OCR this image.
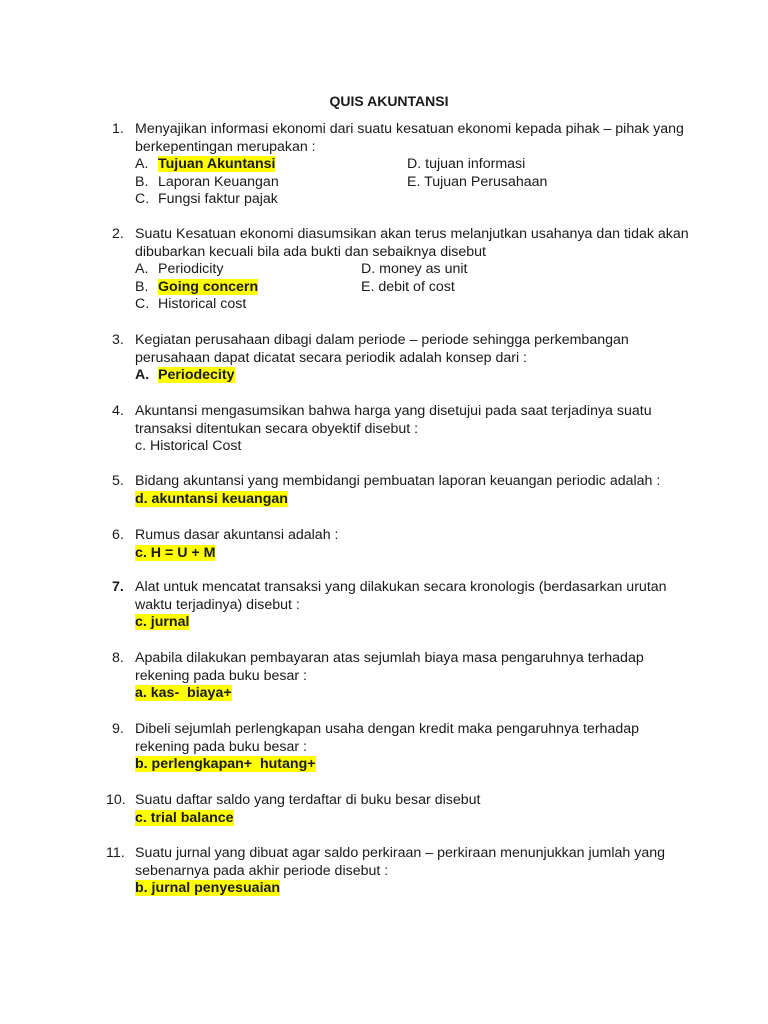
QUIS AKUNTANSI
1. Menyajikan informasi ekonomi dari suatu kesatuan ekonomi kepada pihak – pihak yang
berkepentingan merupakan :
A. Tujuan Akuntansi	D. tujuan informasi
B. Laporan Keuangan	E. Tujuan Perusahaan
C. Fungsi faktur pajak
2. Suatu Kesatuan ekonomi diasumsikan akan terus melanjutkan usahanya dan tidak akan
dibubarkan kecuali bila ada bukti dan sebaiknya disebut
A. Periodicity	D. money as unit
B. Going concern	E. debit of cost
C. Historical cost
3. Kegiatan perusahaan dibagi dalam periode – periode sehingga perkembangan
perusahaan dapat dicatat secara periodik adalah konsep dari :
A. Periodecity
4. Akuntansi mengasumsikan bahwa harga yang disetujui pada saat terjadinya suatu
transaksi ditentukan secara obyektif disebut :
c. Historical Cost
5. Bidang akuntansi yang membidangi pembuatan laporan keuangan periodic adalah :
d. akuntansi keuangan
6. Rumus dasar akuntansi adalah :
c. H = U + M
7. Alat untuk mencatat transaksi yang dilakukan secara kronologis (berdasarkan urutan
waktu terjadinya) disebut :
c. jurnal
8. Apabila dilakukan pembayaran atas sejumlah biaya masa pengaruhnya terhadap
rekening pada buku besar :
a. kas-  biaya+
9. Dibeli sejumlah perlengkapan usaha dengan kredit maka pengaruhnya terhadap
rekening pada buku besar :
b. perlengkapan+  hutang+
10. Suatu daftar saldo yang terdaftar di buku besar disebut
c. trial balance
11. Suatu jurnal yang dibuat agar saldo perkiraan – perkiraan menunjukkan jumlah yang
sebenarnya pada akhir periode disebut :
b. jurnal penyesuaian
